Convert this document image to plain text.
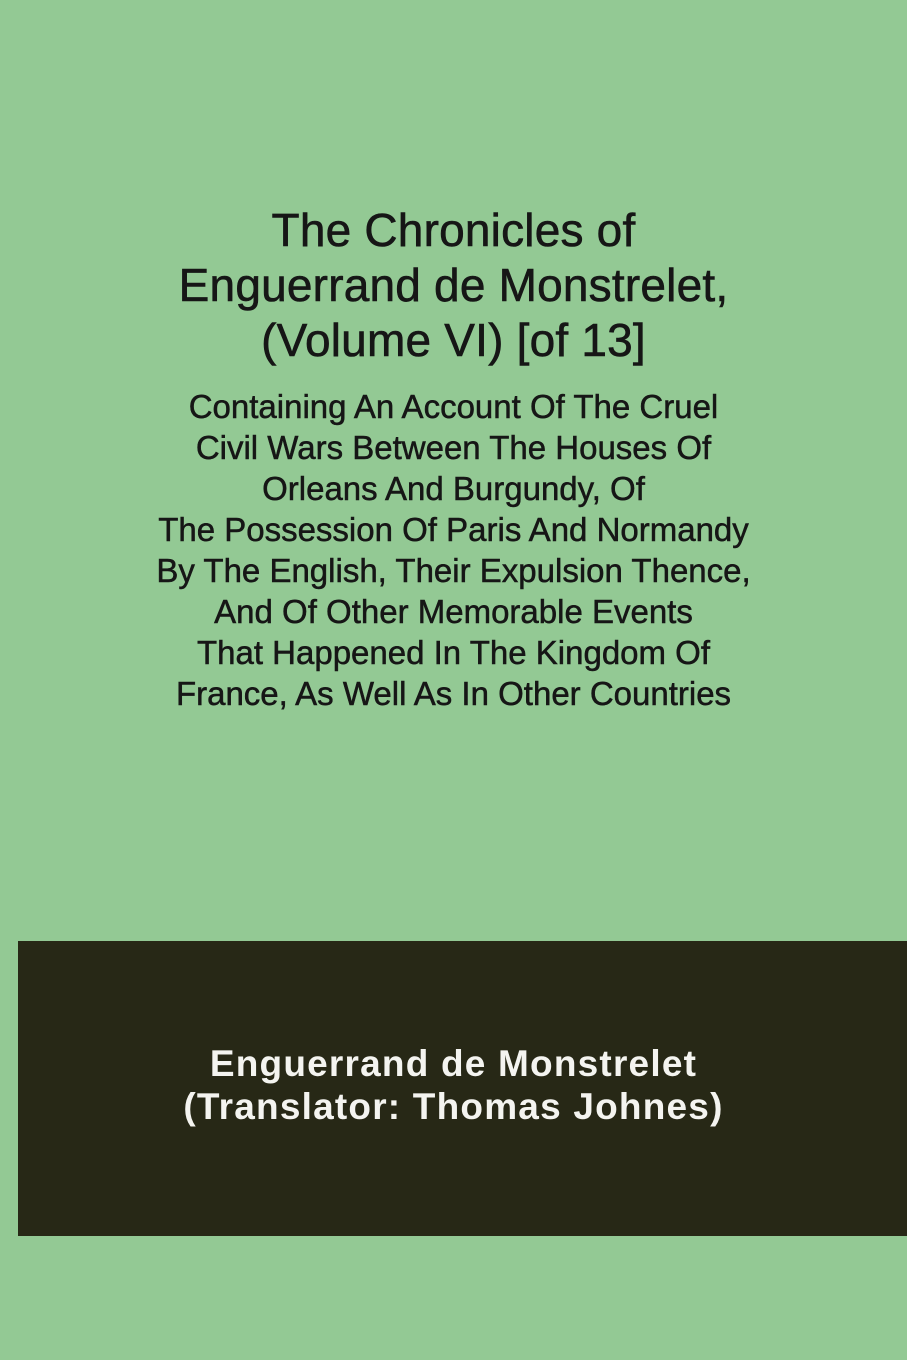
The Chronicles of
Enguerrand de Monstrelet,
(Volume VI) [of 13]
Containing An Account Of The Cruel
Civil Wars Between The Houses Of
Orleans And Burgundy, Of
The Possession Of Paris And Normandy
By The English, Their Expulsion Thence,
And Of Other Memorable Events
That Happened In The Kingdom Of
France, As Well As In Other Countries
Enguerrand de Monstrelet
(Translator: Thomas Johnes)
